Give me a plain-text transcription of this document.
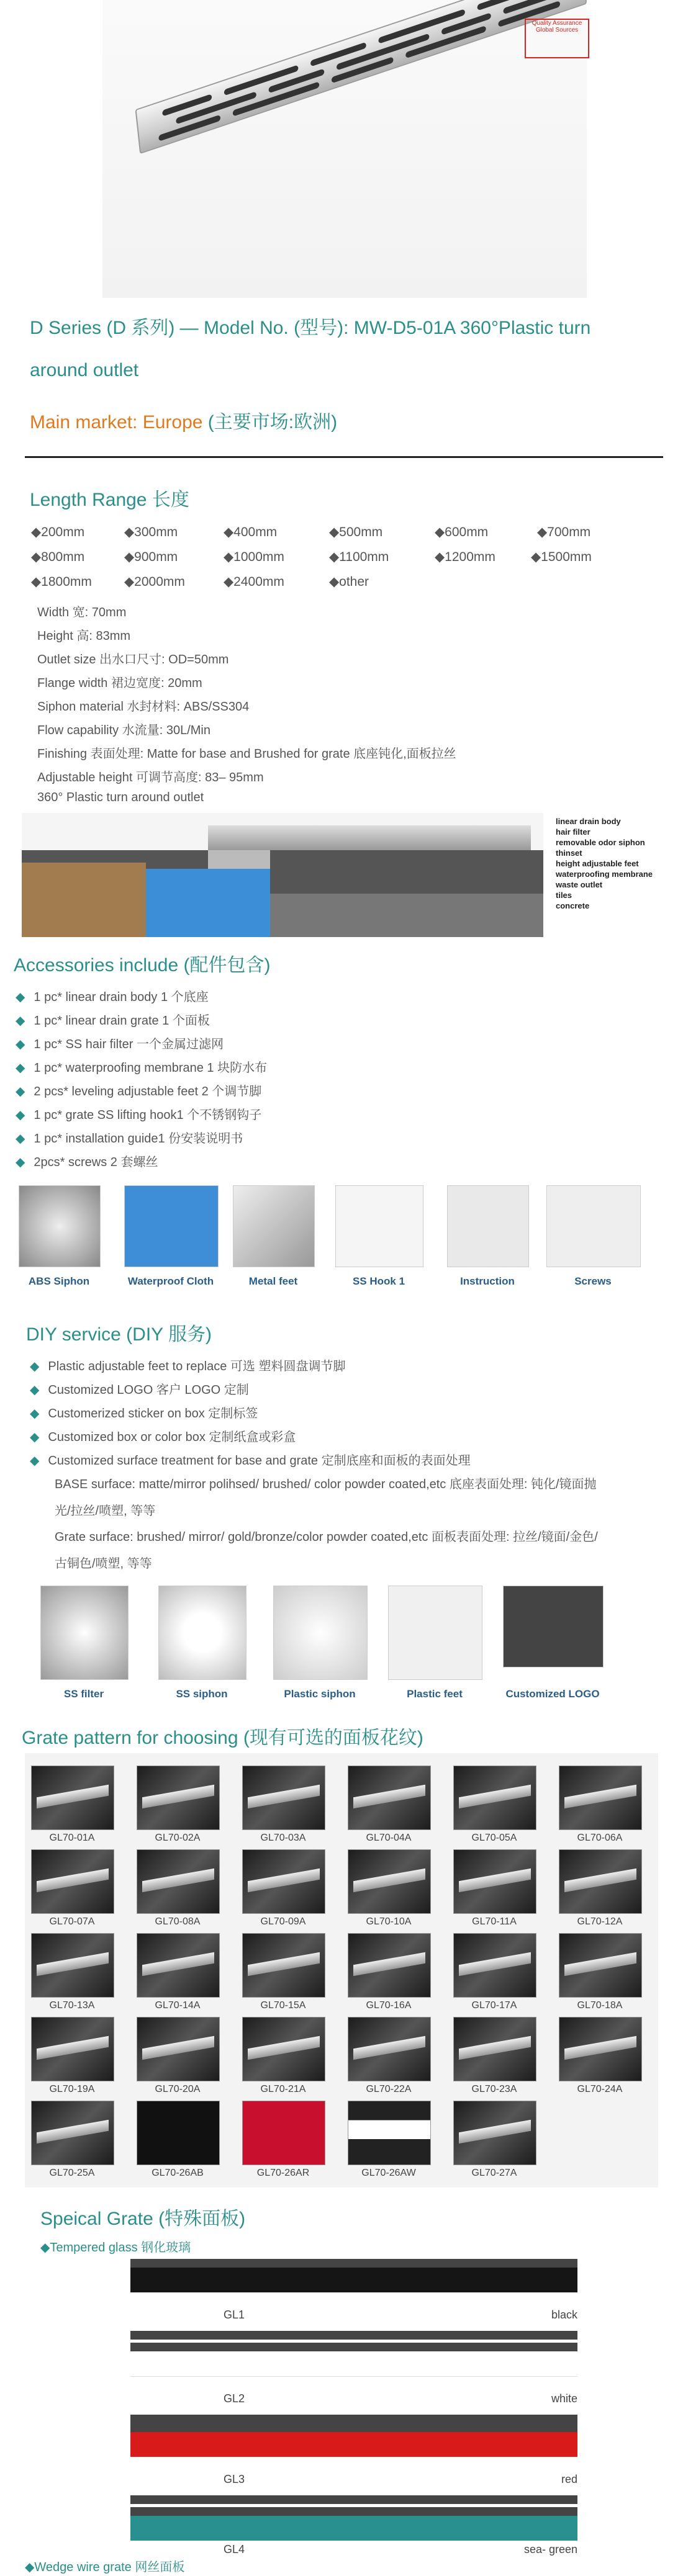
Quality Assurance
Global Sources
D Series (D 系列) — Model No. (型号): MW-D5-01A 360°Plastic turn
around outlet
Main market: Europe (主要市场:欧洲)
Length Range 长度
◆200mm	◆300mm	◆400mm	◆500mm	◆600mm	◆700mm
◆800mm	◆900mm	◆1000mm	◆1100mm	◆1200mm	◆1500mm
◆1800mm ◆2000mm	◆2400mm	◆other
Width 宽: 70mm
Height 高: 83mm
Outlet size 出水口尺寸: OD=50mm
Flange width 裙边宽度: 20mm
Siphon material 水封材料: ABS/SS304
Flow capability 水流量: 30L/Min
Finishing 表面处理: Matte for base and Brushed for grate 底座钝化,面板拉丝
Adjustable height 可调节高度: 83– 95mm
360° Plastic turn around outlet
linear drain body
hair filter
removable odor siphon
thinset
height adjustable feet
waterproofing membrane
waste outlet
tiles
concrete
Accessories include (配件包含)
◆ 1 pc* linear drain body 1 个底座
◆ 1 pc* linear drain grate 1 个面板
◆ 1 pc* SS hair filter 一个金属过滤网
◆ 1 pc* waterproofing membrane 1 块防水布
◆ 2 pcs* leveling adjustable feet 2 个调节脚
◆ 1 pc* grate SS lifting hook1 个不锈钢钩子
◆ 1 pc* installation guide1 份安装说明书
◆ 2pcs* screws 2 套螺丝
ABS Siphon	Waterproof Cloth	Metal feet	SS Hook 1	Instruction	Screws
DIY service (DIY 服务)
◆ Plastic adjustable feet to replace 可选 塑料圆盘调节脚
◆ Customized LOGO 客户 LOGO 定制
◆ Customerized sticker on box 定制标签
◆ Customized box or color box 定制纸盒或彩盒
◆ Customized surface treatment for base and grate 定制底座和面板的表面处理
BASE surface: matte/mirror polihsed/ brushed/ color powder coated,etc 底座表面处理: 钝化/镜面抛
光/拉丝/喷塑, 等等
Grate surface: brushed/ mirror/ gold/bronze/color powder coated,etc 面板表面处理: 拉丝/镜面/金色/
古铜色/喷塑, 等等
SS filter	SS siphon	Plastic siphon	Plastic feet	Customized LOGO
Grate pattern for choosing (现有可选的面板花纹)
GL70-01A	GL70-02A	GL70-03A	GL70-04A	GL70-05A	GL70-06A
GL70-07A	GL70-08A	GL70-09A	GL70-10A	GL70-11A	GL70-12A
GL70-13A	GL70-14A	GL70-15A	GL70-16A	GL70-17A	GL70-18A
GL70-19A	GL70-20A	GL70-21A	GL70-22A	GL70-23A	GL70-24A
GL70-25A	GL70-26AB	GL70-26AR	GL70-26AW	GL70-27A
Speical Grate (特殊面板)
◆Tempered glass 钢化玻璃
GL1	black
GL2	white
GL3	red
GL4	sea- green
◆Wedge wire grate 网丝面板
